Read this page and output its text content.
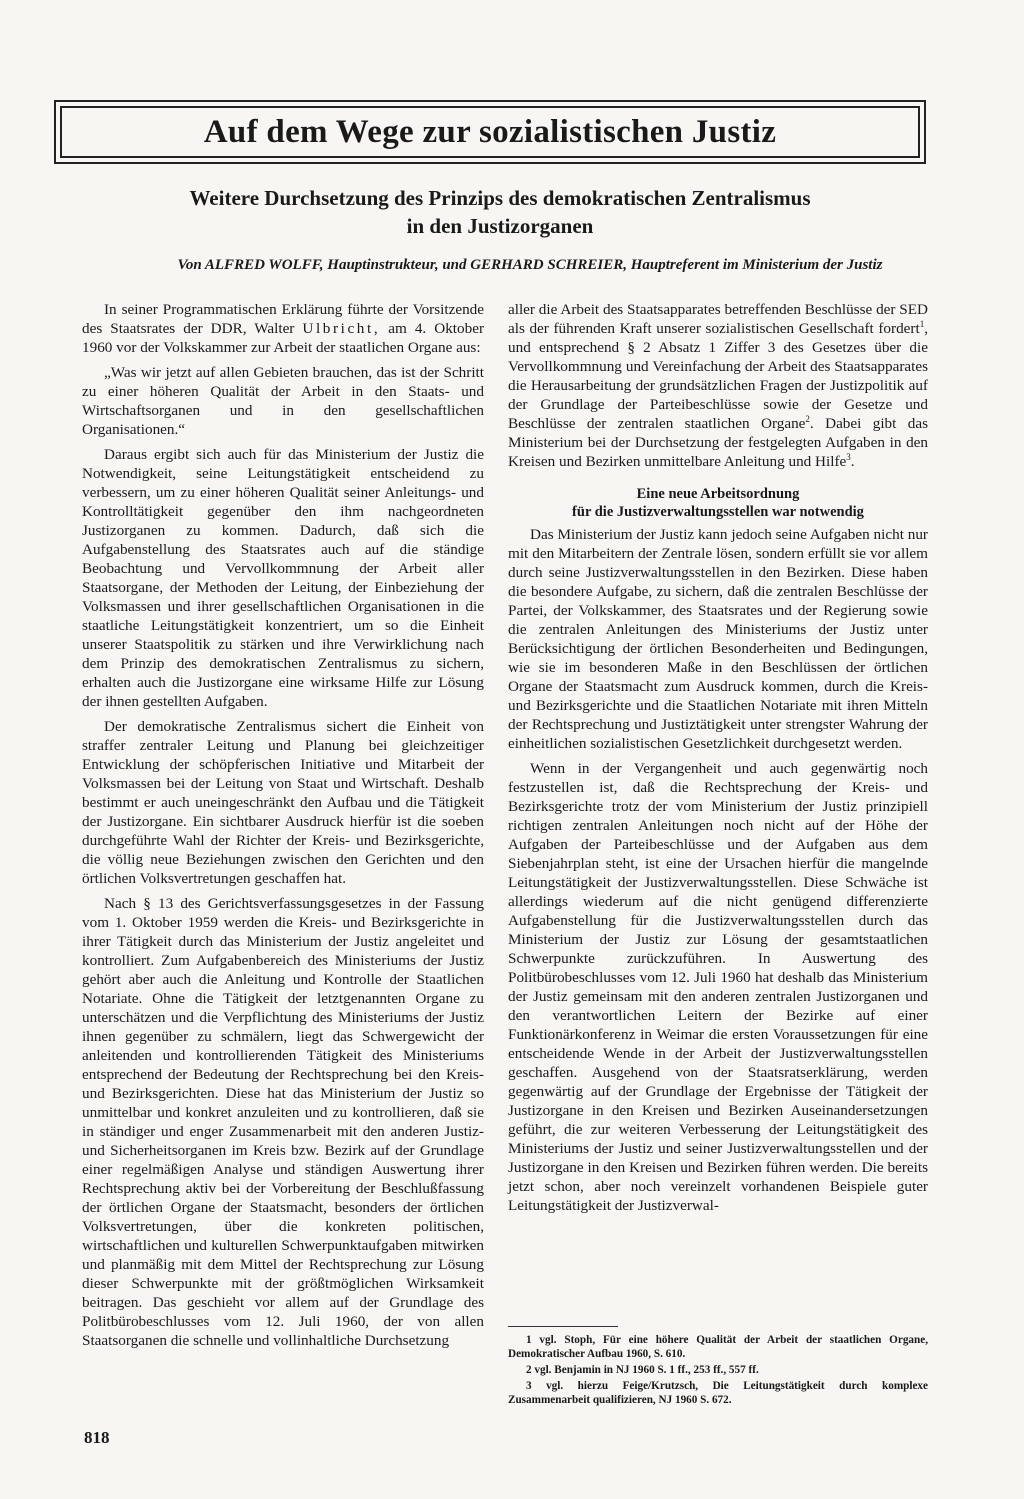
Auf dem Wege zur sozialistischen Justiz
Weitere Durchsetzung des Prinzips des demokratischen Zentralismus
in den Justizorganen

Von ALFRED WOLFF, Hauptinstrukteur, und GERHARD SCHREIER, Hauptreferent im Ministerium der Justiz

In seiner Programmatischen Erklärung führte der Vorsitzende des Staatsrates der DDR, Walter Ulbricht, am 4. Oktober 1960 vor der Volkskammer zur Arbeit der staatlichen Organe aus:

„Was wir jetzt auf allen Gebieten brauchen, das ist der Schritt zu einer höheren Qualität der Arbeit in den Staats- und Wirtschaftsorganen und in den gesellschaftlichen Organisationen.“

Daraus ergibt sich auch für das Ministerium der Justiz die Notwendigkeit, seine Leitungstätigkeit entscheidend zu verbessern, um zu einer höheren Qualität seiner Anleitungs- und Kontrolltätigkeit gegenüber den ihm nachgeordneten Justizorganen zu kommen. Dadurch, daß sich die Aufgabenstellung des Staatsrates auch auf die ständige Beobachtung und Vervollkommnung der Arbeit aller Staatsorgane, der Methoden der Leitung, der Einbeziehung der Volksmassen und ihrer gesellschaftlichen Organisationen in die staatliche Leitungstätigkeit konzentriert, um so die Einheit unserer Staatspolitik zu stärken und ihre Verwirklichung nach dem Prinzip des demokratischen Zentralismus zu sichern, erhalten auch die Justizorgane eine wirksame Hilfe zur Lösung der ihnen gestellten Aufgaben.

Der demokratische Zentralismus sichert die Einheit von straffer zentraler Leitung und Planung bei gleichzeitiger Entwicklung der schöpferischen Initiative und Mitarbeit der Volksmassen bei der Leitung von Staat und Wirtschaft. Deshalb bestimmt er auch uneingeschränkt den Aufbau und die Tätigkeit der Justizorgane. Ein sichtbarer Ausdruck hierfür ist die soeben durchgeführte Wahl der Richter der Kreis- und Bezirksgerichte, die völlig neue Beziehungen zwischen den Gerichten und den örtlichen Volksvertretungen geschaffen hat.

Nach § 13 des Gerichtsverfassungsgesetzes in der Fassung vom 1. Oktober 1959 werden die Kreis- und Bezirksgerichte in ihrer Tätigkeit durch das Ministerium der Justiz angeleitet und kontrolliert. Zum Aufgabenbereich des Ministeriums der Justiz gehört aber auch die Anleitung und Kontrolle der Staatlichen Notariate. Ohne die Tätigkeit der letztgenannten Organe zu unterschätzen und die Verpflichtung des Ministeriums der Justiz ihnen gegenüber zu schmälern, liegt das Schwergewicht der anleitenden und kontrollierenden Tätigkeit des Ministeriums entsprechend der Bedeutung der Rechtsprechung bei den Kreis- und Bezirksgerichten. Diese hat das Ministerium der Justiz so unmittelbar und konkret anzuleiten und zu kontrollieren, daß sie in ständiger und enger Zusammenarbeit mit den anderen Justiz- und Sicherheitsorganen im Kreis bzw. Bezirk auf der Grundlage einer regelmäßigen Analyse und ständigen Auswertung ihrer Rechtsprechung aktiv bei der Vorbereitung der Beschlußfassung der örtlichen Organe der Staatsmacht, besonders der örtlichen Volksvertretungen, über die konkreten politischen, wirtschaftlichen und kulturellen Schwerpunktaufgaben mitwirken und planmäßig mit dem Mittel der Rechtsprechung zur Lösung dieser Schwerpunkte mit der größtmöglichen Wirksamkeit beitragen. Das geschieht vor allem auf der Grundlage des Politbürobeschlusses vom 12. Juli 1960, der von allen Staatsorganen die schnelle und vollinhaltliche Durchsetzung

aller die Arbeit des Staatsapparates betreffenden Beschlüsse der SED als der führenden Kraft unserer sozialistischen Gesellschaft fordert$^1$, und entsprechend § 2 Absatz 1 Ziffer 3 des Gesetzes über die Vervollkommnung und Vereinfachung der Arbeit des Staatsapparates die Herausarbeitung der grundsätzlichen Fragen der Justizpolitik auf der Grundlage der Parteibeschlüsse sowie der Gesetze und Beschlüsse der zentralen staatlichen Organe$^2$. Dabei gibt das Ministerium bei der Durchsetzung der festgelegten Aufgaben in den Kreisen und Bezirken unmittelbare Anleitung und Hilfe$^3$.

Eine neue Arbeitsordnung
für die Justizverwaltungsstellen war notwendig

Das Ministerium der Justiz kann jedoch seine Aufgaben nicht nur mit den Mitarbeitern der Zentrale lösen, sondern erfüllt sie vor allem durch seine Justizverwaltungsstellen in den Bezirken. Diese haben die besondere Aufgabe, zu sichern, daß die zentralen Beschlüsse der Partei, der Volkskammer, des Staatsrates und der Regierung sowie die zentralen Anleitungen des Ministeriums der Justiz unter Berücksichtigung der örtlichen Besonderheiten und Bedingungen, wie sie im besonderen Maße in den Beschlüssen der örtlichen Organe der Staatsmacht zum Ausdruck kommen, durch die Kreis- und Bezirksgerichte und die Staatlichen Notariate mit ihren Mitteln der Rechtsprechung und Justiztätigkeit unter strengster Wahrung der einheitlichen sozialistischen Gesetzlichkeit durchgesetzt werden.

Wenn in der Vergangenheit und auch gegenwärtig noch festzustellen ist, daß die Rechtsprechung der Kreis- und Bezirksgerichte trotz der vom Ministerium der Justiz prinzipiell richtigen zentralen Anleitungen noch nicht auf der Höhe der Aufgaben der Parteibeschlüsse und der Aufgaben aus dem Siebenjahrplan steht, ist eine der Ursachen hierfür die mangelnde Leitungstätigkeit der Justizverwaltungsstellen. Diese Schwäche ist allerdings wiederum auf die nicht genügend differenzierte Aufgabenstellung für die Justizverwaltungsstellen durch das Ministerium der Justiz zur Lösung der gesamtstaatlichen Schwerpunkte zurückzuführen. In Auswertung des Politbürobeschlusses vom 12. Juli 1960 hat deshalb das Ministerium der Justiz gemeinsam mit den anderen zentralen Justizorganen und den verantwortlichen Leitern der Bezirke auf einer Funktionärkonferenz in Weimar die ersten Voraussetzungen für eine entscheidende Wende in der Arbeit der Justizverwaltungsstellen geschaffen. Ausgehend von der Staatsratserklärung, werden gegenwärtig auf der Grundlage der Ergebnisse der Tätigkeit der Justizorgane in den Kreisen und Bezirken Auseinandersetzungen geführt, die zur weiteren Verbesserung der Leitungstätigkeit des Ministeriums der Justiz und seiner Justizverwaltungsstellen und der Justizorgane in den Kreisen und Bezirken führen werden. Die bereits jetzt schon, aber noch vereinzelt vorhandenen Beispiele guter Leitungstätigkeit der Justizverwal-

1 vgl. Stoph, Für eine höhere Qualität der Arbeit der staatlichen Organe, Demokratischer Aufbau 1960, S. 610.

2 vgl. Benjamin in NJ 1960 S. 1 ff., 253 ff., 557 ff.

3 vgl. hierzu Feige/Krutzsch, Die Leitungstätigkeit durch komplexe Zusammenarbeit qualifizieren, NJ 1960 S. 672.

818
